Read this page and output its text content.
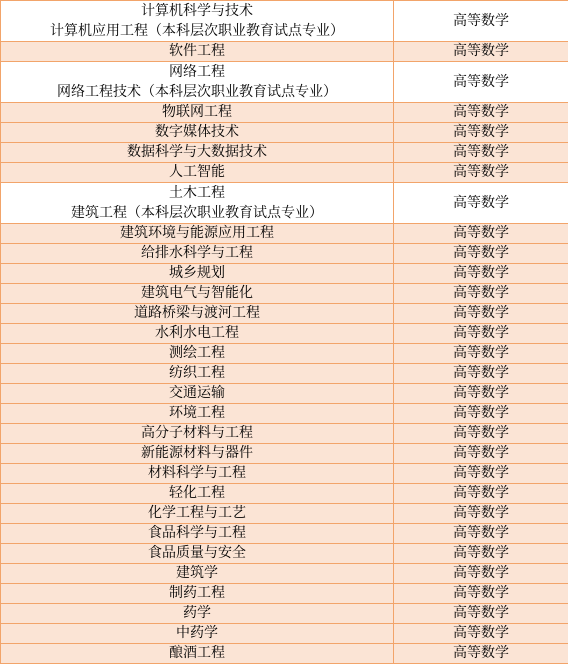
计算机科学与技术
计算机应用工程（本科层次职业教育试点专业）	高等数学
软件工程	高等数学

网络工程
网络工程技术（本科层次职业教育试点专业）	高等数学
物联网工程	高等数学
数字媒体技术	高等数学
数据科学与大数据技术	高等数学
人工智能	高等数学

土木工程
建筑工程（本科层次职业教育试点专业）	高等数学
建筑环境与能源应用工程	高等数学
给排水科学与工程	高等数学
城乡规划	高等数学
建筑电气与智能化	高等数学
道路桥梁与渡河工程	高等数学
水利水电工程	高等数学
测绘工程	高等数学
纺织工程	高等数学
交通运输	高等数学
环境工程	高等数学
高分子材料与工程	高等数学
新能源材料与器件	高等数学
材料科学与工程	高等数学
轻化工程	高等数学
化学工程与工艺	高等数学
食品科学与工程	高等数学
食品质量与安全	高等数学
建筑学	高等数学
制药工程	高等数学
药学	高等数学
中药学	高等数学
酿酒工程	高等数学
